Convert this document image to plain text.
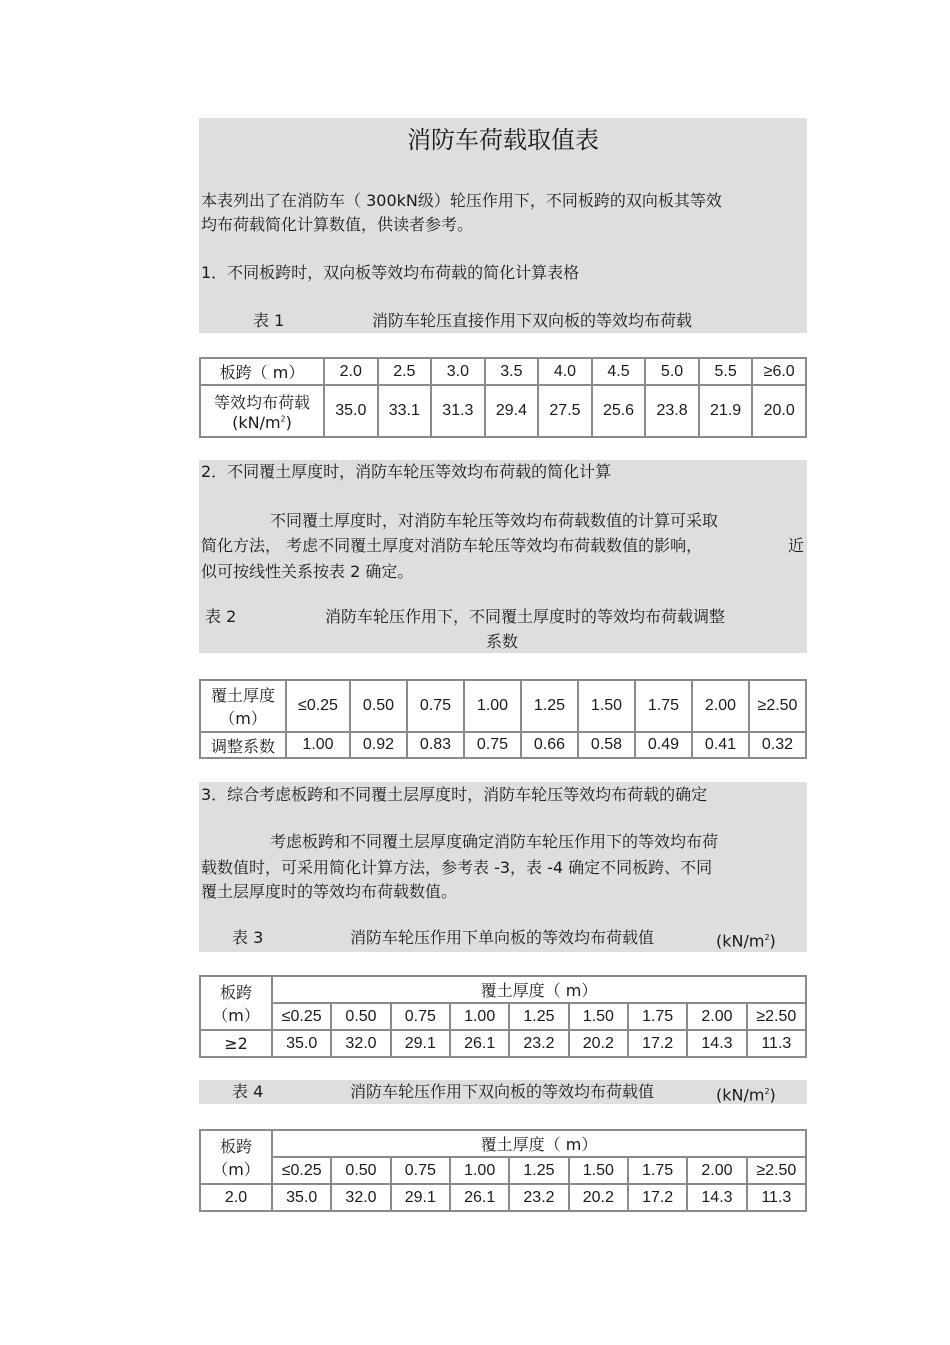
消防车荷载取值表
本表列出了在消防车（ 300kN级）轮压作用下，不同板跨的双向板其等效
均布荷载简化计算数值，供读者参考。
1．不同板跨时，双向板等效均布荷载的简化计算表格
表 1	消防车轮压直接作用下双向板的等效均布荷载
板跨（ m）	2.0	2.5	3.0	3.5	4.0	4.5	5.0	5.5	≥6.0

等效均布荷载
$(kN/m^2)$	35.0	33.1	31.3	29.4	27.5	25.6	23.8	21.9	20.0
2．不同覆土厚度时，消防车轮压等效均布荷载的简化计算
不同覆土厚度时，对消防车轮压等效均布荷载数值的计算可采取
简化方法， 考虑不同覆土厚度对消防车轮压等效均布荷载数值的影响，	近
似可按线性关系按表 2 确定。
表 2	消防车轮压作用下，不同覆土厚度时的等效均布荷载调整
系数
覆土厚度
（m）	≤0.25	0.50	0.75	1.00	1.25	1.50	1.75	2.00	≥2.50
调整系数	1.00	0.92	0.83	0.75	0.66	0.58	0.49	0.41	0.32
3．综合考虑板跨和不同覆土层厚度时，消防车轮压等效均布荷载的确定
考虑板跨和不同覆土层厚度确定消防车轮压作用下的等效均布荷
载数值时，可采用简化计算方法，参考表 -3，表 -4 确定不同板跨、不同
覆土层厚度时的等效均布荷载数值。
表 3	消防车轮压作用下单向板的等效均布荷载值	$(kN/m^2)$
板跨（m）	覆土厚度（ m）								
	≤0.25	0.50	0.75	1.00	1.25	1.50	1.75	2.00	≥2.50
≥2	35.0	32.0	29.1	26.1	23.2	20.2	17.2	14.3	11.3
表 4	消防车轮压作用下双向板的等效均布荷载值	$(kN/m^2)$
板跨（m）	覆土厚度（ m）								
	≤0.25	0.50	0.75	1.00	1.25	1.50	1.75	2.00	≥2.50
2.0	35.0	32.0	29.1	26.1	23.2	20.2	17.2	14.3	11.3
